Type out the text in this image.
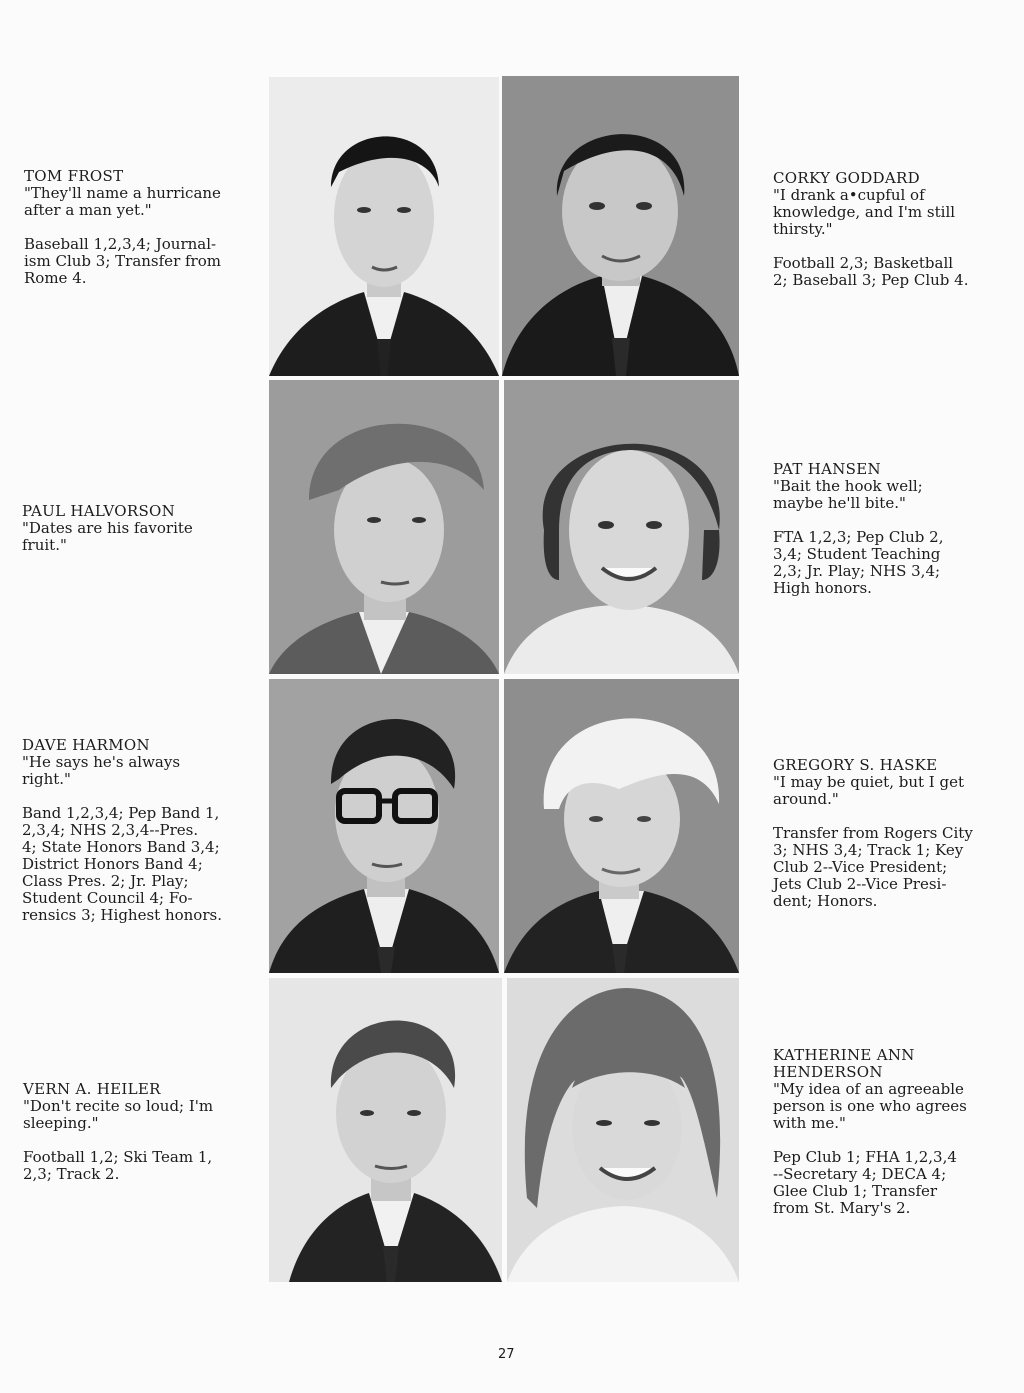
TOM FROST
"They'll name a hurricane
after a man yet."
Baseball 1,2,3,4; Journal-
ism Club 3; Transfer from
Rome 4.
CORKY GODDARD
"I drank a•cupful of
knowledge, and I'm still
thirsty."
Football 2,3; Basketball
2; Baseball 3; Pep Club 4.
PAUL HALVORSON
"Dates are his favorite
fruit."
PAT HANSEN
"Bait the hook well;
maybe he'll bite."
FTA 1,2,3; Pep Club 2,
3,4; Student Teaching
2,3; Jr. Play; NHS 3,4;
High honors.
DAVE HARMON
"He says he's always
right."
Band 1,2,3,4; Pep Band 1,
2,3,4; NHS 2,3,4--Pres.
4; State Honors Band 3,4;
District Honors Band 4;
Class Pres. 2; Jr. Play;
Student Council 4; Fo-
rensics 3; Highest honors.
GREGORY S. HASKE
"I may be quiet, but I get
around."
Transfer from Rogers City
3; NHS 3,4; Track 1; Key
Club 2--Vice President;
Jets Club 2--Vice Presi-
dent; Honors.
VERN A. HEILER
"Don't recite so loud; I'm
sleeping."
Football 1,2; Ski Team 1,
2,3; Track 2.
KATHERINE ANN
HENDERSON
"My idea of an agreeable
person is one who agrees
with me."
Pep Club 1; FHA 1,2,3,4
--Secretary 4; DECA 4;
Glee Club 1; Transfer
from St. Mary's 2.
27
